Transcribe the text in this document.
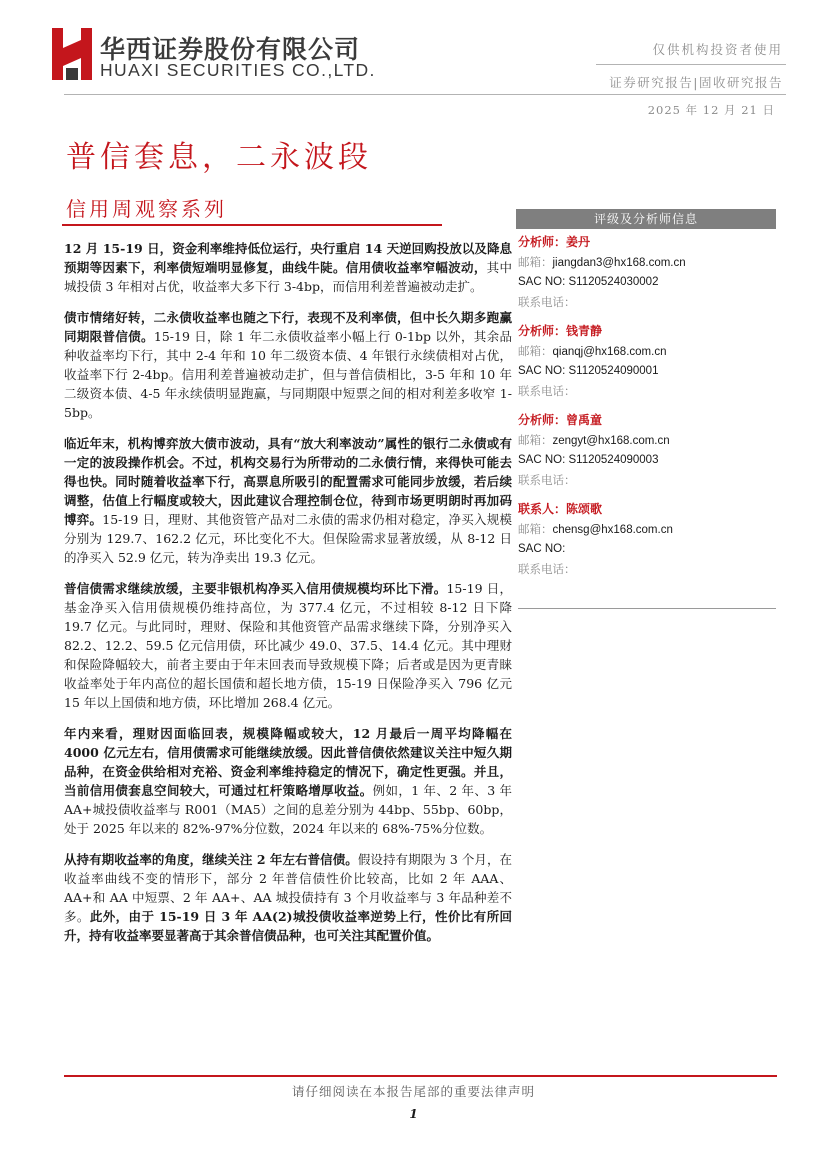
华西证券股份有限公司
HUAXI SECURITIES CO.,LTD.
仅供机构投资者使用
证券研究报告|固收研究报告
2025 年 12 月 21 日
普信套息，二永波段
信用周观察系列

12 月 15-19 日，资金利率维持低位运行，央行重启 14 天逆回购投放以及降息预期等因素下，利率债短端明显修复，曲线牛陡。信用债收益率窄幅波动，其中城投债 3 年相对占优，收益率大多下行 3-4bp，而信用利差普遍被动走扩。

债市情绪好转，二永债收益率也随之下行，表现不及利率债，但中长久期多跑赢同期限普信债。15-19 日，除 1 年二永债收益率小幅上行 0-1bp 以外，其余品种收益率均下行，其中 2-4 年和 10 年二级资本债、4 年银行永续债相对占优，收益率下行 2-4bp。信用利差普遍被动走扩，但与普信债相比，3-5 年和 10 年二级资本债、4-5 年永续债明显跑赢，与同期限中短票之间的相对利差多收窄 1-5bp。

临近年末，机构博弈放大债市波动，具有“放大利率波动”属性的银行二永债或有一定的波段操作机会。不过，机构交易行为所带动的二永债行情，来得快可能去得也快。同时随着收益率下行，高票息所吸引的配置需求可能同步放缓，若后续调整，估值上行幅度或较大，因此建议合理控制仓位，待到市场更明朗时再加码博弈。15-19 日，理财、其他资管产品对二永债的需求仍相对稳定，净买入规模分别为 129.7、162.2 亿元，环比变化不大。但保险需求显著放缓，从 8-12 日的净买入 52.9 亿元，转为净卖出 19.3 亿元。

普信债需求继续放缓，主要非银机构净买入信用债规模均环比下滑。15-19 日，基金净买入信用债规模仍维持高位，为 377.4 亿元，不过相较 8-12 日下降 19.7 亿元。与此同时，理财、保险和其他资管产品需求继续下降，分别净买入 82.2、12.2、59.5 亿元信用债，环比减少 49.0、37.5、14.4 亿元。其中理财和保险降幅较大，前者主要由于年末回表而导致规模下降；后者或是因为更青睐收益率处于年内高位的超长国债和超长地方债，15-19 日保险净买入 796 亿元 15 年以上国债和地方债，环比增加 268.4 亿元。

年内来看，理财因面临回表，规模降幅或较大，12 月最后一周平均降幅在 4000 亿元左右，信用债需求可能继续放缓。因此普信债依然建议关注中短久期品种，在资金供给相对充裕、资金利率维持稳定的情况下，确定性更强。并且，当前信用债套息空间较大，可通过杠杆策略增厚收益。例如，1 年、2 年、3 年 AA+城投债收益率与 R001（MA5）之间的息差分别为 44bp、55bp、60bp，处于 2025 年以来的 82%-97%分位数，2024 年以来的 68%-75%分位数。

从持有期收益率的角度，继续关注 2 年左右普信债。假设持有期限为 3 个月，在收益率曲线不变的情形下，部分 2 年普信债性价比较高，比如 2 年 AAA、AA+和 AA 中短票、2 年 AA+、AA 城投债持有 3 个月收益率与 3 年品种差不多。此外，由于 15-19 日 3 年 AA(2)城投债收益率逆势上行，性价比有所回升，持有收益率要显著高于其余普信债品种，也可关注其配置价值。

评级及分析师信息
分析师：姜丹
邮箱：jiangdan3@hx168.com.cn
SAC NO: S1120524030002
联系电话：
分析师：钱青静
邮箱：qianqj@hx168.com.cn
SAC NO: S1120524090001
联系电话：
分析师：曾禹童
邮箱：zengyt@hx168.com.cn
SAC NO: S1120524090003
联系电话：
联系人：陈颂歌
邮箱：chensg@hx168.com.cn
SAC NO:
联系电话：
请仔细阅读在本报告尾部的重要法律声明
1
